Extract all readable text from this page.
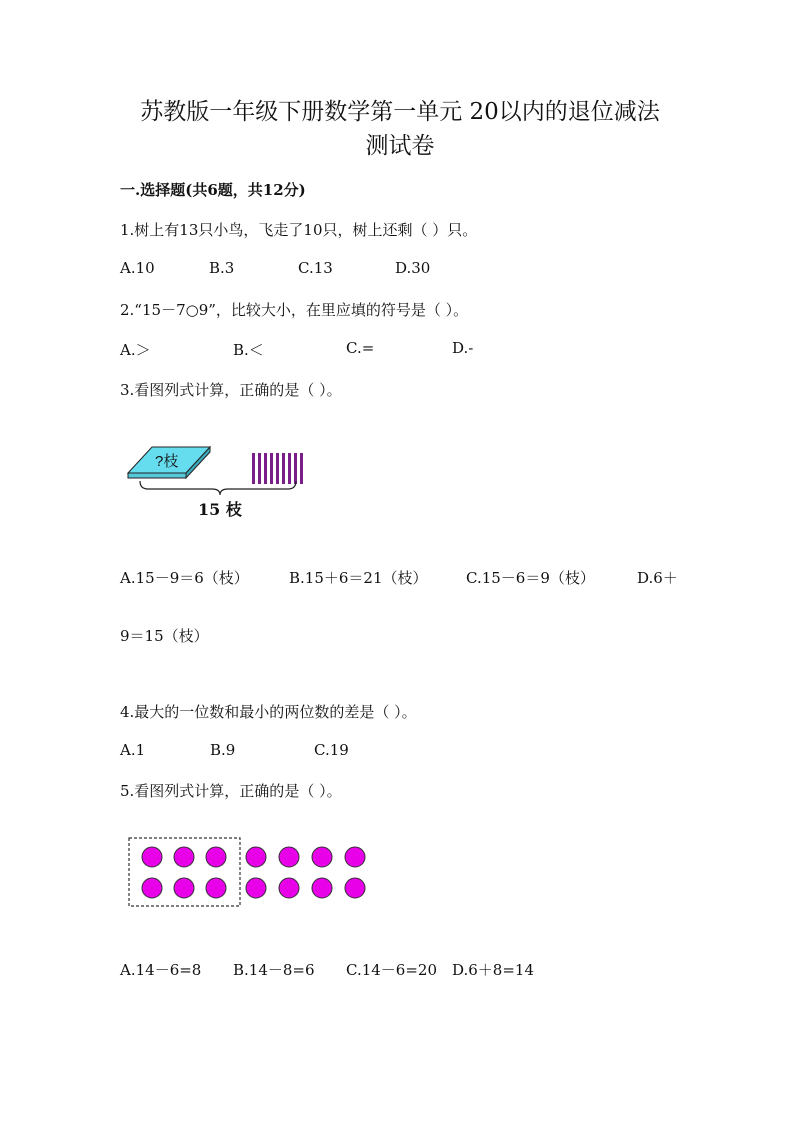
苏教版一年级下册数学第一单元 20以内的退位减法
测试卷
一.选择题(共6题，共12分)
1.树上有13只小鸟，飞走了10只，树上还剩（ ）只。
A.10	B.3	C.13	D.30
2.“15－7○9”，比较大小，在里应填的符号是（ ）。
A.＞	B.＜	C.=	D.-
3.看图列式计算，正确的是（ ）。
?枝
15 枝
A.15－9＝6（枝）	B.15＋6＝21（枝）	C.15－6＝9（枝）	D.6＋
9＝15（枝）
4.最大的一位数和最小的两位数的差是（ ）。
A.1	B.9	C.19
5.看图列式计算，正确的是（ ）。
A.14－6=8 B.14－8=6 C.14－6=20 D.6＋8=14
